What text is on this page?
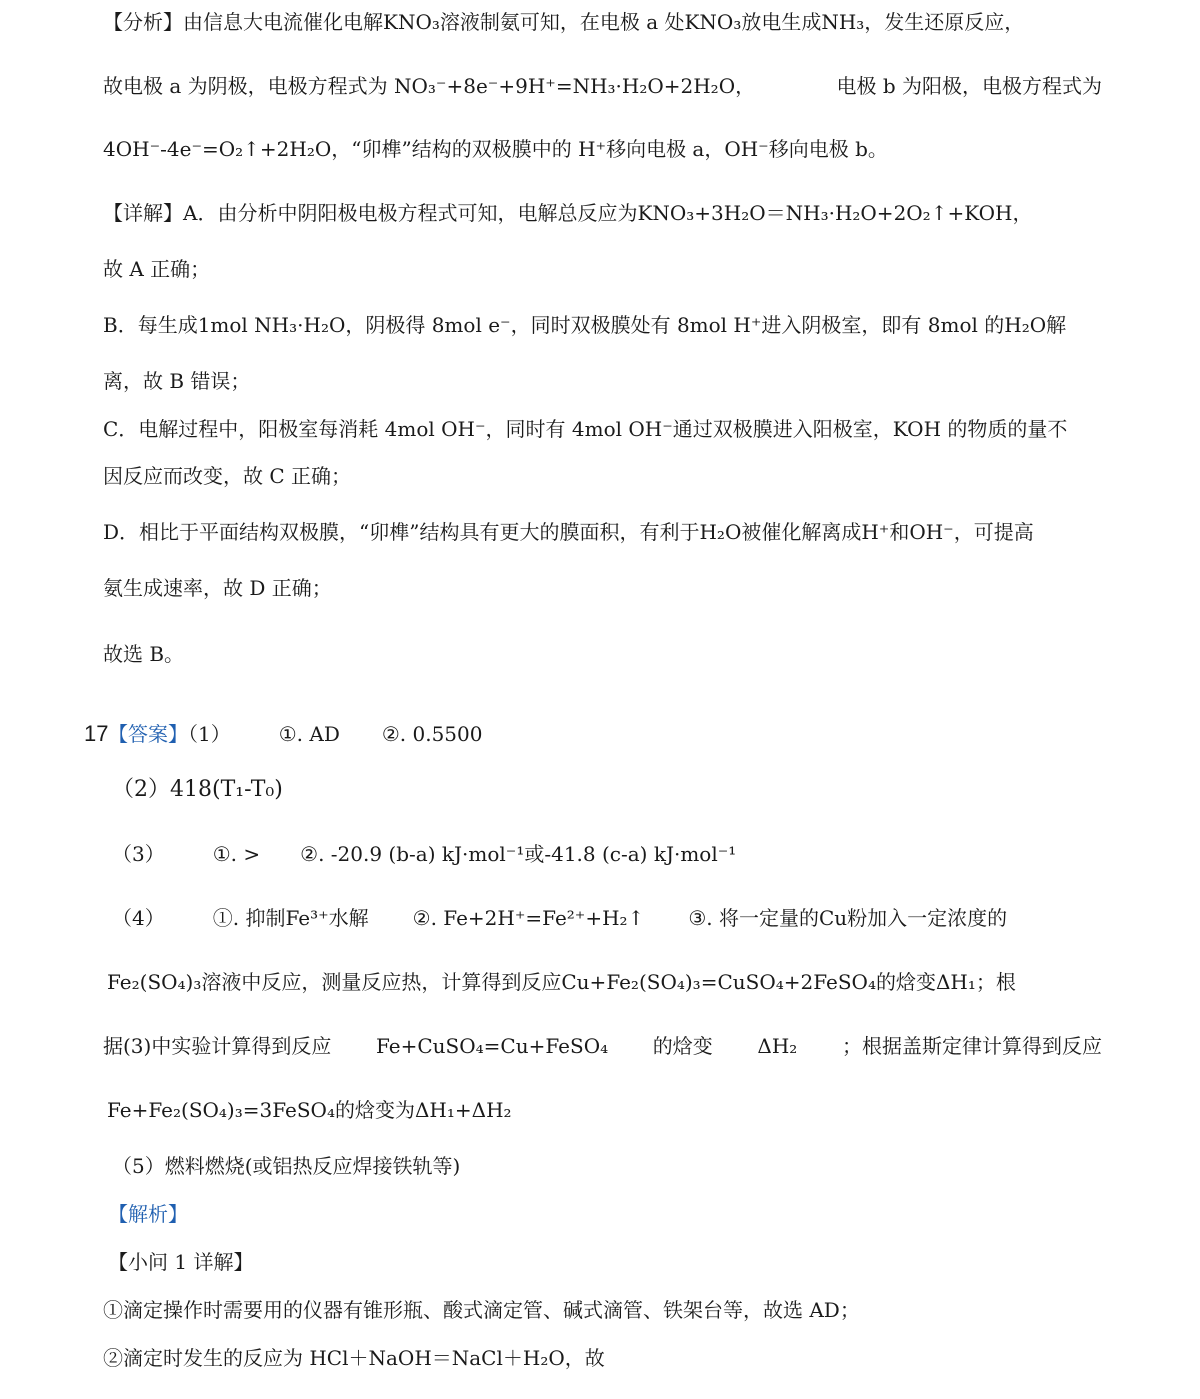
【分析】由信息大电流催化电解KNO₃溶液制氨可知，在电极 a 处KNO₃放电生成NH₃，发生还原反应，
故电极 a 为阴极，电极方程式为 NO₃⁻+8e⁻+9H⁺=NH₃·H₂O+2H₂O，	电极 b 为阳极，电极方程式为
4OH⁻-4e⁻=O₂↑+2H₂O，“卯榫”结构的双极膜中的 H⁺移向电极 a，OH⁻移向电极 b。
【详解】A．由分析中阴阳极电极方程式可知，电解总反应为KNO₃+3H₂O＝NH₃·H₂O+2O₂↑+KOH，
故 A 正确；
B．每生成1mol NH₃·H₂O，阴极得 8mol e⁻，同时双极膜处有 8mol H⁺进入阴极室，即有 8mol 的H₂O解
离，故 B 错误；
C．电解过程中，阳极室每消耗 4mol OH⁻，同时有 4mol OH⁻通过双极膜进入阳极室，KOH 的物质的量不
因反应而改变，故 C 正确；
D．相比于平面结构双极膜，“卯榫”结构具有更大的膜面积，有利于H₂O被催化解离成H⁺和OH⁻，可提高
氨生成速率，故 D 正确；
故选 B。
17 【答案】（1） ①. AD ②. 0.5500
（2）418(T₁-T₀)
（3） ①. > ②. -20.9 (b-a) kJ·mol⁻¹或-41.8 (c-a) kJ·mol⁻¹
（4） ①. 抑制Fe³⁺水解 ②. Fe+2H⁺=Fe²⁺+H₂↑ ③. 将一定量的Cu粉加入一定浓度的
Fe₂(SO₄)₃溶液中反应，测量反应热，计算得到反应Cu+Fe₂(SO₄)₃=CuSO₄+2FeSO₄的焓变ΔH₁；根
据(3)中实验计算得到反应 Fe+CuSO₄=Cu+FeSO₄ 的焓变 ΔH₂ ；根据盖斯定律计算得到反应
Fe+Fe₂(SO₄)₃=3FeSO₄的焓变为ΔH₁+ΔH₂
（5）燃料燃烧(或铝热反应焊接铁轨等)
【解析】
【小问 1 详解】
①滴定操作时需要用的仪器有锥形瓶、酸式滴定管、碱式滴管、铁架台等，故选 AD；
②滴定时发生的反应为 HCl＋NaOH＝NaCl＋H₂O，故
